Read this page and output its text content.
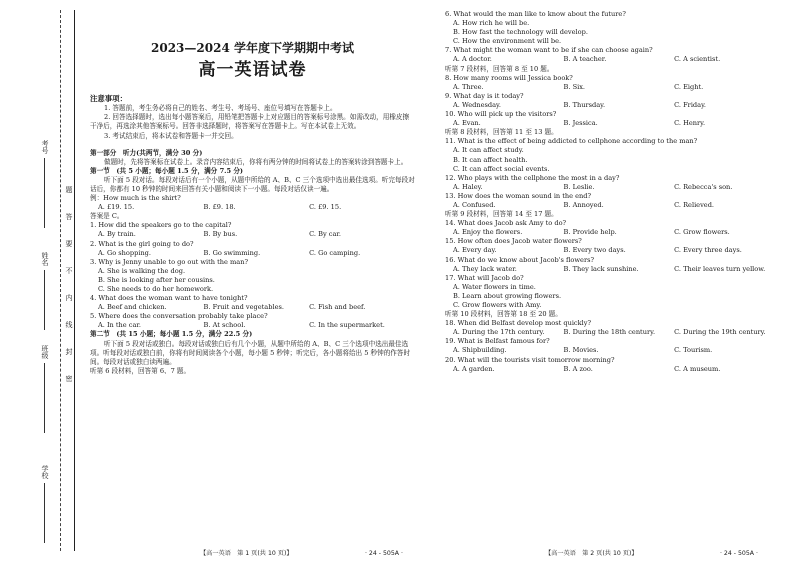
考号
姓名
班级
学校
题
答
要
不
内
线
封
密
2023—2024 学年度下学期期中考试
高一英语试卷
注意事项：

1. 答题前，考生务必将自己的姓名、考生号、考场号、座位号填写在答题卡上。

2. 回答选择题时，选出每小题答案后，用铅笔把答题卡上对应题目的答案标号涂黑。如需改动，用橡皮擦干净后，再选涂其他答案标号。回答非选择题时，将答案写在答题卡上。写在本试卷上无效。

3. 考试结束后，将本试卷和答题卡一并交回。

第一部分　听力(共两节，满分 30 分)

做题时，先将答案标在试卷上。录音内容结束后，你将有两分钟的时间将试卷上的答案转涂到答题卡上。

第一节　(共 5 小题；每小题 1.5 分，满分 7.5 分)

听下面 5 段对话。每段对话后有一个小题，从题中所给的 A、B、C 三个选项中选出最佳选项。听完每段对话后，你都有 10 秒钟的时间来回答有关小题和阅读下一小题。每段对话仅读一遍。

例：How much is the shirt?

A. £19. 15.	B. £9. 18.	C. £9. 15.

答案是 C。

1. How did the speakers go to the capital?

A. By train.	B. By bus.	C. By car.

2. What is the girl going to do?

A. Go shopping.	B. Go swimming.	C. Go camping.

3. Why is Jenny unable to go out with the man?

A. She is walking the dog.
B. She is looking after her cousins.
C. She needs to do her homework.

4. What does the woman want to have tonight?

A. Beef and chicken.	B. Fruit and vegetables.	C. Fish and beef.

5. Where does the conversation probably take place?

A. In the car.	B. At school.	C. In the supermarket.
第二节　(共 15 小题；每小题 1.5 分，满分 22.5 分)

听下面 5 段对话或独白。每段对话或独白后有几个小题，从题中所给的 A、B、C 三个选项中选出最佳选项。听每段对话或独白前，你将有时间阅读各个小题，每小题 5 秒钟；听完后，各小题将给出 5 秒钟的作答时间。每段对话或独白读两遍。

听第 6 段材料，回答第 6、7 题。

6. What would the man like to know about the future?

A. How rich he will be.
B. How fast the technology will develop.
C. How the environment will be.

7. What might the woman want to be if she can choose again?

A. A doctor.	B. A teacher.	C. A scientist.

听第 7 段材料，回答第 8 至 10 题。

8. How many rooms will Jessica book?

A. Three.	B. Six.	C. Eight.

9. What day is it today?

A. Wednesday.	B. Thursday.	C. Friday.

10. Who will pick up the visitors?

A. Evan.	B. Jessica.	C. Henry.

听第 8 段材料，回答第 11 至 13 题。

11. What is the effect of being addicted to cellphone according to the man?

A. It can affect study.
B. It can affect health.
C. It can affect social events.

12. Who plays with the cellphone the most in a day?

A. Haley.	B. Leslie.	C. Rebecca's son.

13. How does the woman sound in the end?

A. Confused.	B. Annoyed.	C. Relieved.

听第 9 段材料，回答第 14 至 17 题。

14. What does Jacob ask Amy to do?

A. Enjoy the flowers.	B. Provide help.	C. Grow flowers.

15. How often does Jacob water flowers?

A. Every day.	B. Every two days.	C. Every three days.

16. What do we know about Jacob's flowers?

A. They lack water.	B. They lack sunshine.	C. Their leaves turn yellow.

17. What will Jacob do?

A. Water flowers in time.
B. Learn about growing flowers.
C. Grow flowers with Amy.

听第 10 段材料，回答第 18 至 20 题。

18. When did Belfast develop most quickly?

A. During the 17th century.	B. During the 18th century.	C. During the 19th century.

19. What is Belfast famous for?

A. Shipbuilding.	B. Movies.	C. Tourism.

20. What will the tourists visit tomorrow morning?

A. A garden.	B. A zoo.	C. A museum.
【高一英语　第 1 页(共 10 页)】	· 24 - 505A ·	【高一英语　第 2 页(共 10 页)】	· 24 - 505A ·
